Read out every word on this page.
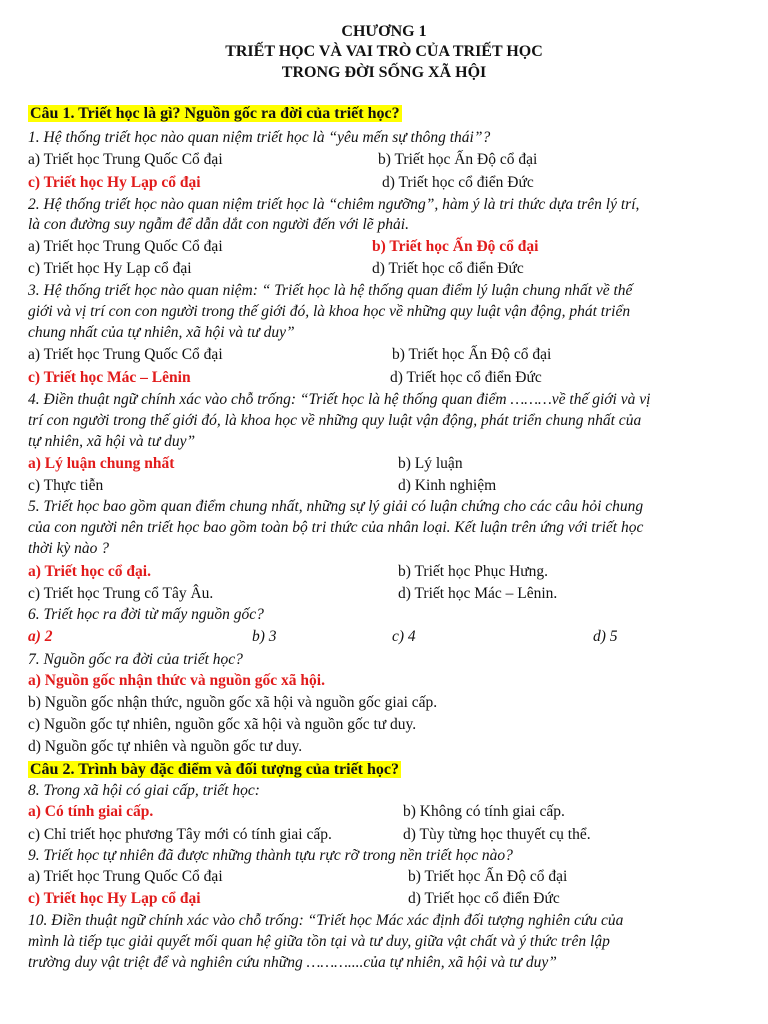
CHƯƠNG 1
TRIẾT HỌC VÀ VAI TRÒ CỦA TRIẾT HỌC
TRONG ĐỜI SỐNG XÃ HỘI
Câu 1. Triết học là gì? Nguồn gốc ra đời của triết học?
1. Hệ thống triết học nào quan niệm triết học là “yêu mến sự thông thái”?
a) Triết học Trung Quốc Cổ đại	b) Triết học Ấn Độ cổ đại
c) Triết học Hy Lạp cổ đại	d) Triết học cổ điển Đức
2. Hệ thống triết học nào quan niệm triết học là “chiêm ngưỡng”, hàm ý là tri thức dựa trên lý trí,
là con đường suy ngẫm để dẫn dắt con người đến với lẽ phải.
a) Triết học Trung Quốc Cổ đại	b) Triết học Ấn Độ cổ đại
c) Triết học Hy Lạp cổ đại	d) Triết học cổ điển Đức
3. Hệ thống triết học nào quan niệm: “ Triết học là hệ thống quan điểm lý luận chung nhất về thế
giới và vị trí con con người trong thế giới đó, là khoa học về những quy luật vận động, phát triển
chung nhất của tự nhiên, xã hội và tư duy”
a) Triết học Trung Quốc Cổ đại	b) Triết học Ấn Độ cổ đại
c) Triết học Mác – Lênin	d) Triết học cổ điển Đức
4. Điền thuật ngữ chính xác vào chỗ trống: “Triết học là hệ thống quan điểm ………về thế giới và vị
trí con người trong thế giới đó, là khoa học về những quy luật vận động, phát triển chung nhất của
tự nhiên, xã hội và tư duy”
a) Lý luận chung nhất	b) Lý luận
c) Thực tiễn	d) Kinh nghiệm
5. Triết học bao gồm quan điểm chung nhất, những sự lý giải có luận chứng cho các câu hỏi chung
của con người nên triết học bao gồm toàn bộ tri thức của nhân loại. Kết luận trên ứng với triết học
thời kỳ nào ?
a) Triết học cổ đại.	b) Triết học Phục Hưng.
c) Triết học Trung cổ Tây Âu.	d) Triết học Mác – Lênin.
6. Triết học ra đời từ mấy nguồn gốc?
a) 2	b) 3	c) 4	d) 5
7. Nguồn gốc ra đời của triết học?
a) Nguồn gốc nhận thức và nguồn gốc xã hội.
b) Nguồn gốc nhận thức, nguồn gốc xã hội và nguồn gốc giai cấp.
c) Nguồn gốc tự nhiên, nguồn gốc xã hội và nguồn gốc tư duy.
d) Nguồn gốc tự nhiên và nguồn gốc tư duy.
Câu 2. Trình bày đặc điểm và đối tượng của triết học?
8. Trong xã hội có giai cấp, triết học:
a) Có tính giai cấp.	b) Không có tính giai cấp.
c) Chỉ triết học phương Tây mới có tính giai cấp.	d) Tùy từng học thuyết cụ thể.
9. Triết học tự nhiên đã được những thành tựu rực rỡ trong nền triết học nào?
a) Triết học Trung Quốc Cổ đại	b) Triết học Ấn Độ cổ đại
c) Triết học Hy Lạp cổ đại	d) Triết học cổ điển Đức
10. Điền thuật ngữ chính xác vào chỗ trống: “Triết học Mác xác định đối tượng nghiên cứu của
mình là tiếp tục giải quyết mối quan hệ giữa tồn tại và tư duy, giữa vật chất và ý thức trên lập
trường duy vật triệt để và nghiên cứu những ………....của tự nhiên, xã hội và tư duy”
